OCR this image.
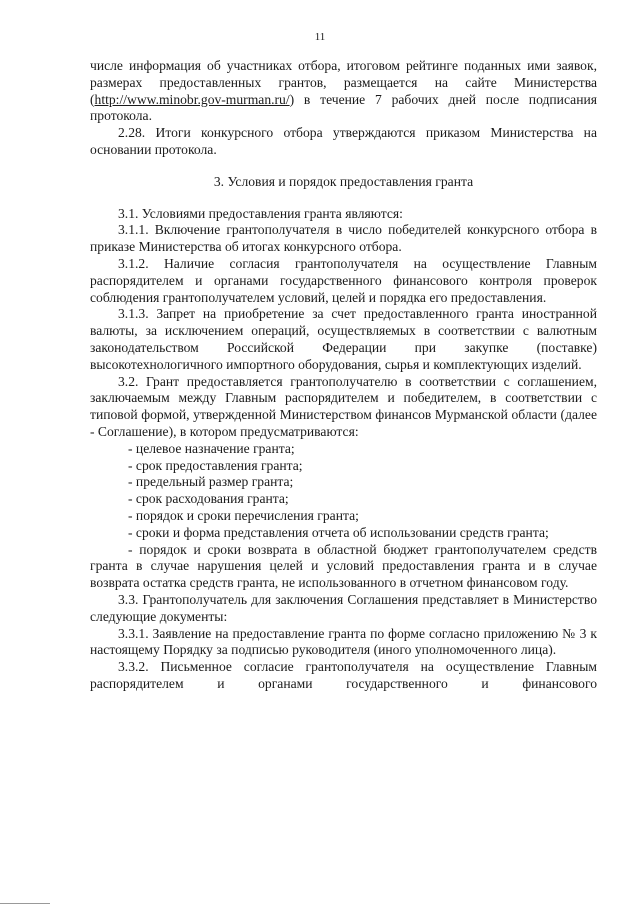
11

числе информация об участниках отбора, итоговом рейтинге поданных ими заявок, размерах предоставленных грантов, размещается на сайте Министерства (http://www.minobr.gov-murman.ru/) в течение 7 рабочих дней после подписания протокола.

2.28. Итоги конкурсного отбора утверждаются приказом Министерства на основании протокола.

3. Условия и порядок предоставления гранта

3.1. Условиями предоставления гранта являются:

3.1.1. Включение грантополучателя в число победителей конкурсного отбора в приказе Министерства об итогах конкурсного отбора.

3.1.2. Наличие согласия грантополучателя на осуществление Главным распорядителем и органами государственного финансового контроля проверок соблюдения грантополучателем условий, целей и порядка его предоставления.

3.1.3. Запрет на приобретение за счет предоставленного гранта иностранной валюты, за исключением операций, осуществляемых в соответствии с валютным законодательством Российской Федерации при закупке (поставке) высокотехнологичного импортного оборудования, сырья и комплектующих изделий.

3.2. Грант предоставляется грантополучателю в соответствии с соглашением, заключаемым между Главным распорядителем и победителем, в соответствии с типовой формой, утвержденной Министерством финансов Мурманской области (далее - Соглашение), в котором предусматриваются:

- целевое назначение гранта;

- срок предоставления гранта;

- предельный размер гранта;

- срок расходования гранта;

- порядок и сроки перечисления гранта;

- сроки и форма представления отчета об использовании средств гранта;

- порядок и сроки возврата в областной бюджет грантополучателем средств гранта в случае нарушения целей и условий предоставления гранта и в случае возврата остатка средств гранта, не использованного в отчетном финансовом году.

3.3. Грантополучатель для заключения Соглашения представляет в Министерство следующие документы:

3.3.1. Заявление на предоставление гранта по форме согласно приложению № 3 к настоящему Порядку за подписью руководителя (иного уполномоченного лица).

3.3.2. Письменное согласие грантополучателя на осуществление Главным распорядителем и органами государственного и финансового
